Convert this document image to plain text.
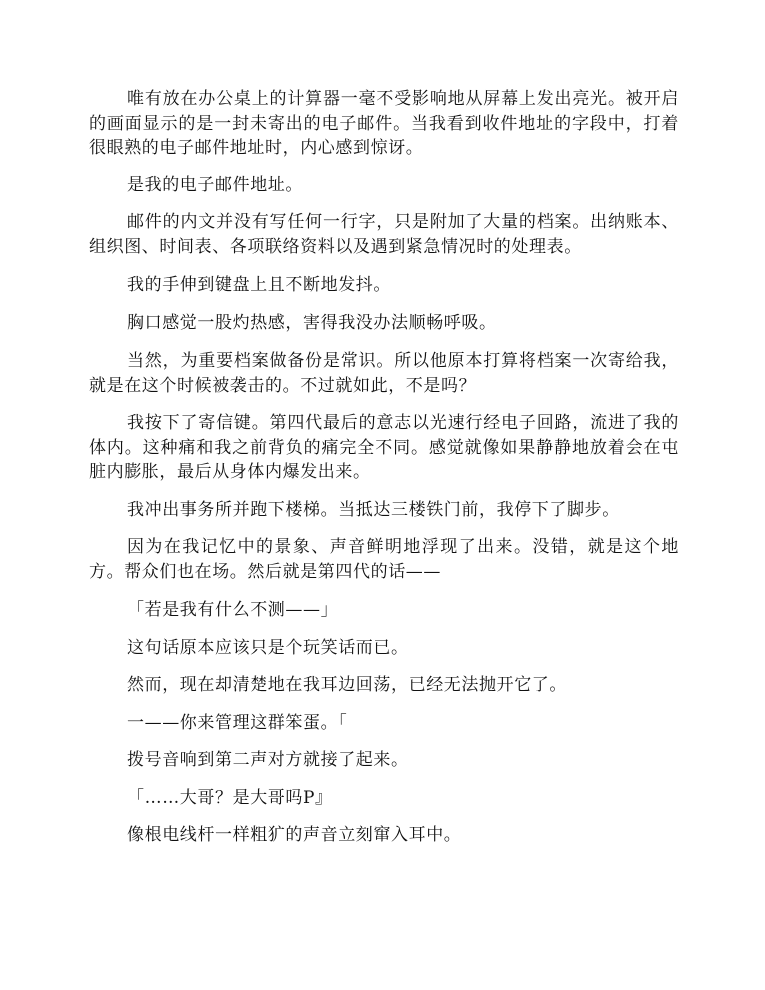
唯有放在办公桌上的计算器一毫不受影响地从屏幕上发出亮光。被开启的画面显示的是一封未寄出的电子邮件。当我看到收件地址的字段中，打着很眼熟的电子邮件地址时，内心感到惊讶。

是我的电子邮件地址。

邮件的内文并没有写任何一行字，只是附加了大量的档案。出纳账本、组织图、时间表、各项联络资料以及遇到紧急情况时的处理表。

我的手伸到键盘上且不断地发抖。

胸口感觉一股灼热感，害得我没办法顺畅呼吸。

当然，为重要档案做备份是常识。所以他原本打算将档案一次寄给我，就是在这个时候被袭击的。不过就如此，不是吗？

我按下了寄信键。第四代最后的意志以光速行经电子回路，流进了我的体内。这种痛和我之前背负的痛完全不同。感觉就像如果静静地放着会在屯脏内膨胀，最后从身体内爆发出来。

我冲出事务所并跑下楼梯。当抵达三楼铁门前，我停下了脚步。

因为在我记忆中的景象、声音鲜明地浮现了出来。没错，就是这个地方。帮众们也在场。然后就是第四代的话——

「若是我有什么不测——」

这句话原本应该只是个玩笑话而已。

然而，现在却清楚地在我耳边回荡，已经无法抛开它了。

一——你来管理这群笨蛋。「

拨号音响到第二声对方就接了起来。

「……大哥？是大哥吗P』

像根电线杆一样粗犷的声音立刻窜入耳中。
